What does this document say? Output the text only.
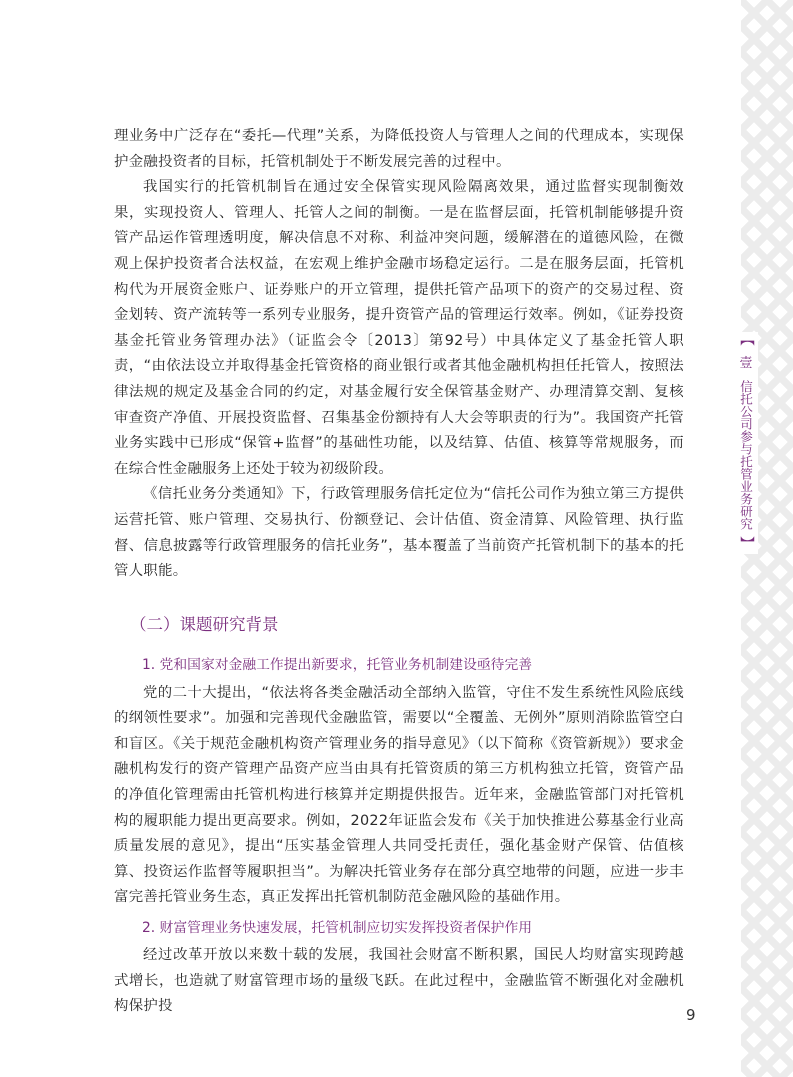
【
壹
信托公司参与托管业务研究
】

理业务中广泛存在“委托—代理”关系，为降低投资人与管理人之间的代理成本，实现保护金融投资者的目标，托管机制处于不断发展完善的过程中。

我国实行的托管机制旨在通过安全保管实现风险隔离效果，通过监督实现制衡效果，实现投资人、管理人、托管人之间的制衡。一是在监督层面，托管机制能够提升资管产品运作管理透明度，解决信息不对称、利益冲突问题，缓解潜在的道德风险，在微观上保护投资者合法权益，在宏观上维护金融市场稳定运行。二是在服务层面，托管机构代为开展资金账户、证券账户的开立管理，提供托管产品项下的资产的交易过程、资金划转、资产流转等一系列专业服务，提升资管产品的管理运行效率。例如，《证券投资基金托管业务管理办法》（证监会令〔2013〕第92号）中具体定义了基金托管人职责，“由依法设立并取得基金托管资格的商业银行或者其他金融机构担任托管人，按照法律法规的规定及基金合同的约定，对基金履行安全保管基金财产、办理清算交割、复核审查资产净值、开展投资监督、召集基金份额持有人大会等职责的行为”。我国资产托管业务实践中已形成“保管+监督”的基础性功能，以及结算、估值、核算等常规服务，而在综合性金融服务上还处于较为初级阶段。

《信托业务分类通知》下，行政管理服务信托定位为“信托公司作为独立第三方提供运营托管、账户管理、交易执行、份额登记、会计估值、资金清算、风险管理、执行监督、信息披露等行政管理服务的信托业务”，基本覆盖了当前资产托管机制下的基本的托管人职能。

（二）课题研究背景
1. 党和国家对金融工作提出新要求，托管业务机制建设亟待完善

党的二十大提出，“依法将各类金融活动全部纳入监管，守住不发生系统性风险底线的纲领性要求”。加强和完善现代金融监管，需要以“全覆盖、无例外”原则消除监管空白和盲区。《关于规范金融机构资产管理业务的指导意见》（以下简称《资管新规》）要求金融机构发行的资产管理产品资产应当由具有托管资质的第三方机构独立托管，资管产品的净值化管理需由托管机构进行核算并定期提供报告。近年来，金融监管部门对托管机构的履职能力提出更高要求。例如，2022年证监会发布《关于加快推进公募基金行业高质量发展的意见》，提出“压实基金管理人共同受托责任，强化基金财产保管、估值核算、投资运作监督等履职担当”。为解决托管业务存在部分真空地带的问题，应进一步丰富完善托管业务生态，真正发挥出托管机制防范金融风险的基础作用。

2. 财富管理业务快速发展，托管机制应切实发挥投资者保护作用

经过改革开放以来数十载的发展，我国社会财富不断积累，国民人均财富实现跨越式增长，也造就了财富管理市场的量级飞跃。在此过程中，金融监管不断强化对金融机构保护投	9
